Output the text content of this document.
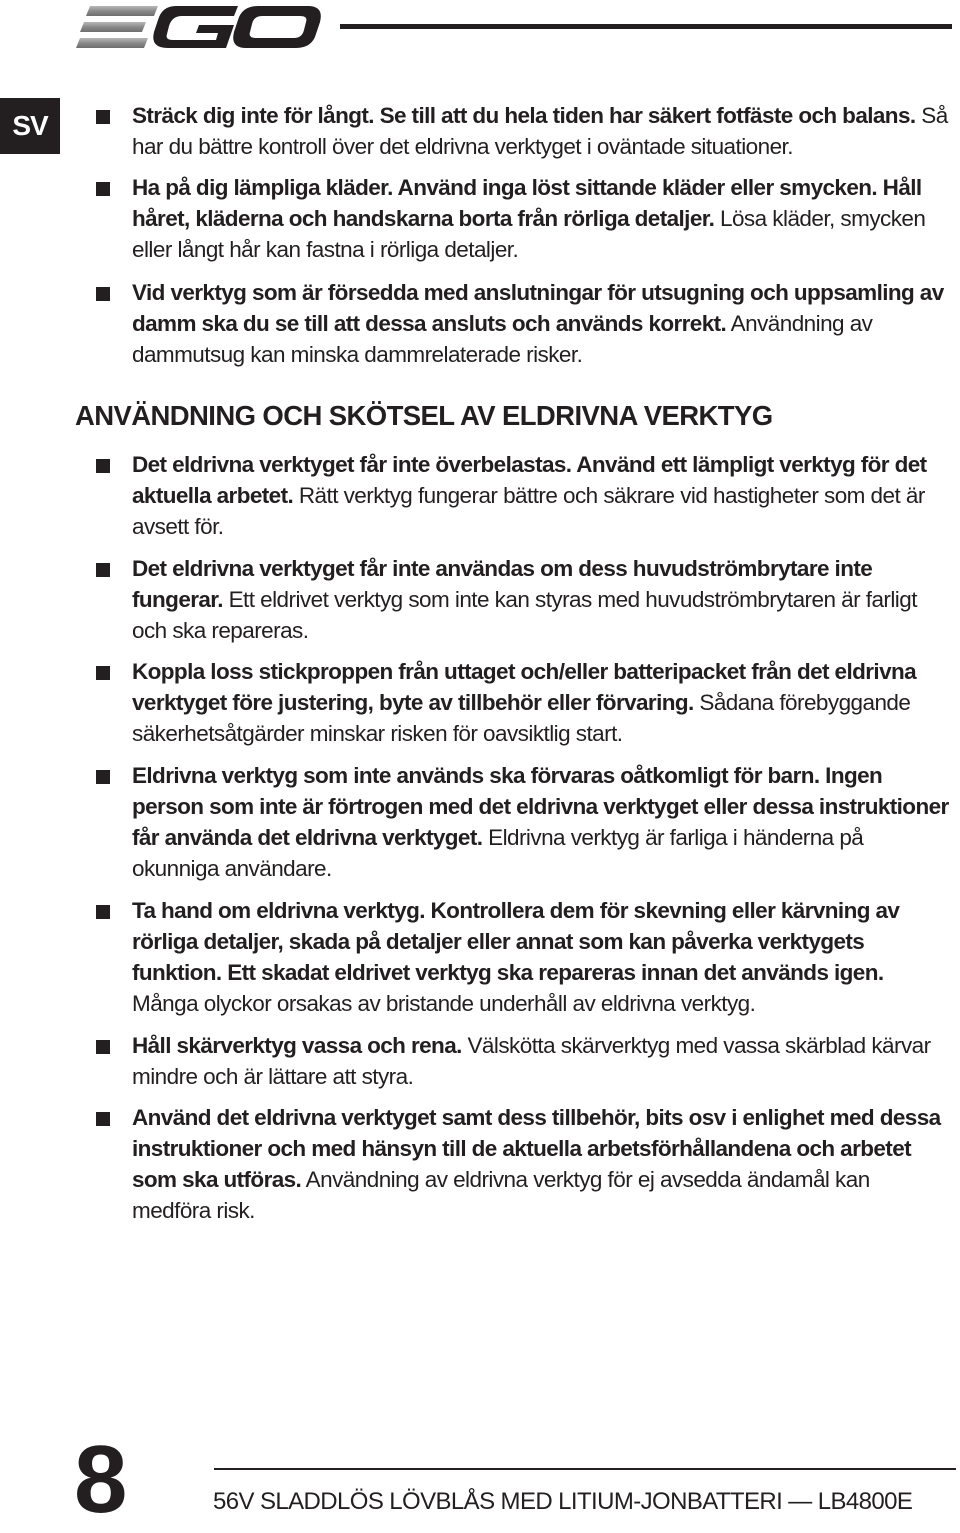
SV	Sträck dig inte för långt. Se till att du hela tiden har säkert fotfäste och balans. Så har du bättre kontroll över det eldrivna verktyget i oväntade situationer.
Ha på dig lämpliga kläder. Använd inga löst sittande kläder eller smycken. Håll håret, kläderna och handskarna borta från rörliga detaljer. Lösa kläder, smycken eller långt hår kan fastna i rörliga detaljer.
Vid verktyg som är försedda med anslutningar för utsugning och uppsamling av damm ska du se till att dessa ansluts och används korrekt. Användning av dammutsug kan minska dammrelaterade risker.
ANVÄNDNING OCH SKÖTSEL AV ELDRIVNA VERKTYG
Det eldrivna verktyget får inte överbelastas. Använd ett lämpligt verktyg för det aktuella arbetet. Rätt verktyg fungerar bättre och säkrare vid hastigheter som det är avsett för.
Det eldrivna verktyget får inte användas om dess huvudströmbrytare inte fungerar. Ett eldrivet verktyg som inte kan styras med huvudströmbrytaren är farligt och ska repareras.
Koppla loss stickproppen från uttaget och/eller batteripacket från det eldrivna verktyget före justering, byte av tillbehör eller förvaring. Sådana förebyggande säkerhetsåtgärder minskar risken för oavsiktlig start.
Eldrivna verktyg som inte används ska förvaras oåtkomligt för barn. Ingen person som inte är förtrogen med det eldrivna verktyget eller dessa instruktioner får använda det eldrivna verktyget. Eldrivna verktyg är farliga i händerna på okunniga användare.
Ta hand om eldrivna verktyg. Kontrollera dem för skevning eller kärvning av rörliga detaljer, skada på detaljer eller annat som kan påverka verktygets funktion. Ett skadat eldrivet verktyg ska repareras innan det används igen. Många olyckor orsakas av bristande underhåll av eldrivna verktyg.
Håll skärverktyg vassa och rena. Välskötta skärverktyg med vassa skärblad kärvar mindre och är lättare att styra.
Använd det eldrivna verktyget samt dess tillbehör, bits osv i enlighet med dessa instruktioner och med hänsyn till de aktuella arbetsförhållandena och arbetet som ska utföras. Användning av eldrivna verktyg för ej avsedda ändamål kan medföra risk.
8	56V SLADDLÖS LÖVBLÅS MED LITIUM-JONBATTERI — LB4800E
